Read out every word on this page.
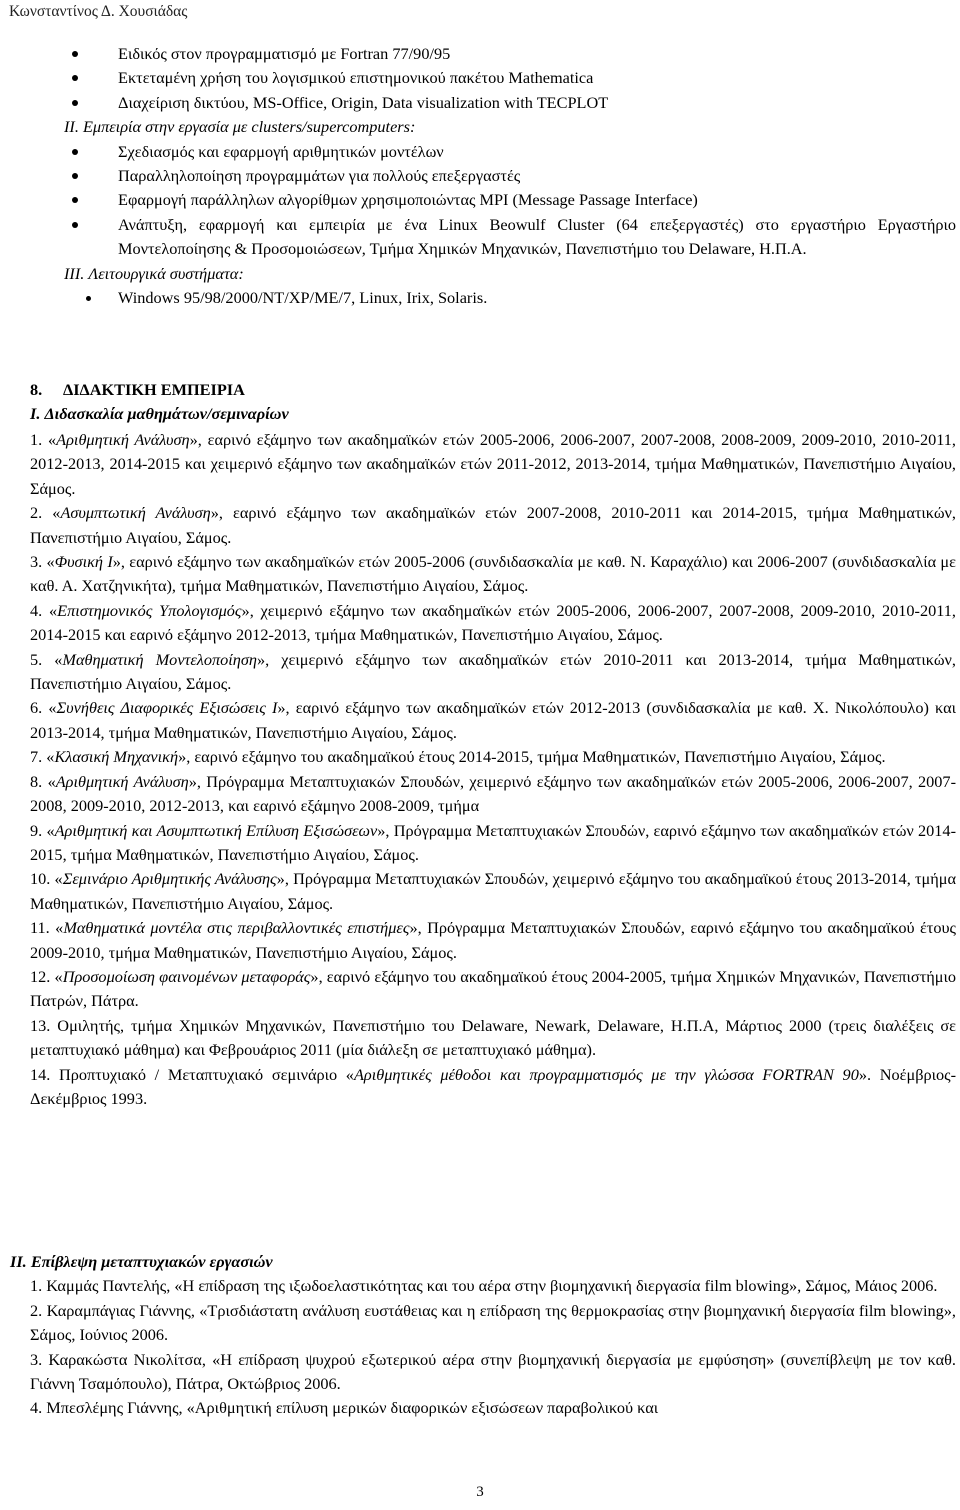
Κωνσταντίνος Δ. Χουσιάδας
Ειδικός στον προγραμματισμό με Fortran 77/90/95
Εκτεταμένη χρήση του λογισμικού επιστημονικού πακέτου Mathematica
Διαχείριση δικτύου, MS-Office, Origin, Data visualization with TECPLOT
II. Εμπειρία στην εργασία με clusters/supercomputers:
Σχεδιασμός και εφαρμογή αριθμητικών μοντέλων
Παραλληλοποίηση προγραμμάτων για πολλούς επεξεργαστές
Εφαρμογή παράλληλων αλγορίθμων χρησιμοποιώντας MPI (Message Passage Interface)
Ανάπτυξη, εφαρμογή και εμπειρία με ένα Linux Beowulf Cluster (64 επεξεργαστές) στο εργαστήριο Εργαστήριο Μοντελοποίησης & Προσομοιώσεων, Τμήμα Χημικών Μηχανικών, Πανεπιστήμιο του Delaware, Η.Π.Α.
III. Λειτουργικά συστήματα:
Windows 95/98/2000/NT/XP/ME/7, Linux, Irix, Solaris.
8. ΔΙΔΑΚΤΙΚΗ ΕΜΠΕΙΡΙΑ
I. Διδασκαλία μαθημάτων/σεμιναρίων

1. «Αριθμητική Ανάλυση», εαρινό εξάμηνο των ακαδημαϊκών ετών 2005-2006, 2006-2007, 2007-2008, 2008-2009, 2009-2010, 2010-2011, 2012-2013, 2014-2015 και χειμερινό εξάμηνο των ακαδημαϊκών ετών 2011-2012, 2013-2014, τμήμα Μαθηματικών, Πανεπιστήμιο Αιγαίου, Σάμος.

2. «Ασυμπτωτική Ανάλυση», εαρινό εξάμηνο των ακαδημαϊκών ετών 2007-2008, 2010-2011 και 2014-2015, τμήμα Μαθηματικών, Πανεπιστήμιο Αιγαίου, Σάμος.

3. «Φυσική Ι», εαρινό εξάμηνο των ακαδημαϊκών ετών 2005-2006 (συνδιδασκαλία με καθ. Ν. Καραχάλιο) και 2006-2007 (συνδιδασκαλία με καθ. Α. Χατζηνικήτα), τμήμα Μαθηματικών, Πανεπιστήμιο Αιγαίου, Σάμος.

4. «Επιστημονικός Υπολογισμός», χειμερινό εξάμηνο των ακαδημαϊκών ετών 2005-2006, 2006-2007, 2007-2008, 2009-2010, 2010-2011, 2014-2015 και εαρινό εξάμηνο 2012-2013, τμήμα Μαθηματικών, Πανεπιστήμιο Αιγαίου, Σάμος.

5. «Μαθηματική Μοντελοποίηση», χειμερινό εξάμηνο των ακαδημαϊκών ετών 2010-2011 και 2013-2014, τμήμα Μαθηματικών, Πανεπιστήμιο Αιγαίου, Σάμος.

6. «Συνήθεις Διαφορικές Εξισώσεις Ι», εαρινό εξάμηνο των ακαδημαϊκών ετών 2012-2013 (συνδιδασκαλία με καθ. Χ. Νικολόπουλο) και 2013-2014, τμήμα Μαθηματικών, Πανεπιστήμιο Αιγαίου, Σάμος.

7. «Κλασική Μηχανική», εαρινό εξάμηνο του ακαδημαϊκού έτους 2014-2015, τμήμα Μαθηματικών, Πανεπιστήμιο Αιγαίου, Σάμος.

8. «Αριθμητική Ανάλυση», Πρόγραμμα Μεταπτυχιακών Σπουδών, χειμερινό εξάμηνο των ακαδημαϊκών ετών 2005-2006, 2006-2007, 2007-2008, 2009-2010, 2012-2013, και εαρινό εξάμηνο 2008-2009, τμήμα

9. «Αριθμητική και Ασυμπτωτική Επίλυση Εξισώσεων», Πρόγραμμα Μεταπτυχιακών Σπουδών, εαρινό εξάμηνο των ακαδημαϊκών ετών 2014-2015, τμήμα Μαθηματικών, Πανεπιστήμιο Αιγαίου, Σάμος.

10. «Σεμινάριο Αριθμητικής Ανάλυσης», Πρόγραμμα Μεταπτυχιακών Σπουδών, χειμερινό εξάμηνο του ακαδημαϊκού έτους 2013-2014, τμήμα Μαθηματικών, Πανεπιστήμιο Αιγαίου, Σάμος.

11. «Μαθηματικά μοντέλα στις περιβαλλοντικές επιστήμες», Πρόγραμμα Μεταπτυχιακών Σπουδών, εαρινό εξάμηνο του ακαδημαϊκού έτους 2009-2010, τμήμα Μαθηματικών, Πανεπιστήμιο Αιγαίου, Σάμος.

12. «Προσομοίωση φαινομένων μεταφοράς», εαρινό εξάμηνο του ακαδημαϊκού έτους 2004-2005, τμήμα Χημικών Μηχανικών, Πανεπιστήμιο Πατρών, Πάτρα.

13. Ομιλητής, τμήμα Χημικών Μηχανικών, Πανεπιστήμιο του Delaware, Newark, Delaware, Η.Π.Α, Μάρτιος 2000 (τρεις διαλέξεις σε μεταπτυχιακό μάθημα) και Φεβρουάριος 2011 (μία διάλεξη σε μεταπτυχιακό μάθημα).

14. Προπτυχιακό / Μεταπτυχιακό σεμινάριο «Αριθμητικές μέθοδοι και προγραμματισμός με την γλώσσα FORTRAN 90». Νοέμβριος-Δεκέμβριος 1993.

II. Επίβλεψη μεταπτυχιακών εργασιών

1. Καμμάς Παντελής, «Η επίδραση της ιξωδοελαστικότητας και του αέρα στην βιομηχανική διεργασία film blowing», Σάμος, Μάιος 2006.

2. Καραμπάγιας Γιάννης, «Τρισδιάστατη ανάλυση ευστάθειας και η επίδραση της θερμοκρασίας στην βιομηχανική διεργασία film blowing», Σάμος, Ιούνιος 2006.

3. Καρακώστα Νικολίτσα, «Η επίδραση ψυχρού εξωτερικού αέρα στην βιομηχανική διεργασία με εμφύσηση» (συνεπίβλεψη με τον καθ. Γιάννη Τσαμόπουλο), Πάτρα, Οκτώβριος 2006.

4. Μπεσλέμης Γιάννης, «Αριθμητική επίλυση μερικών διαφορικών εξισώσεων παραβολικού και

3
